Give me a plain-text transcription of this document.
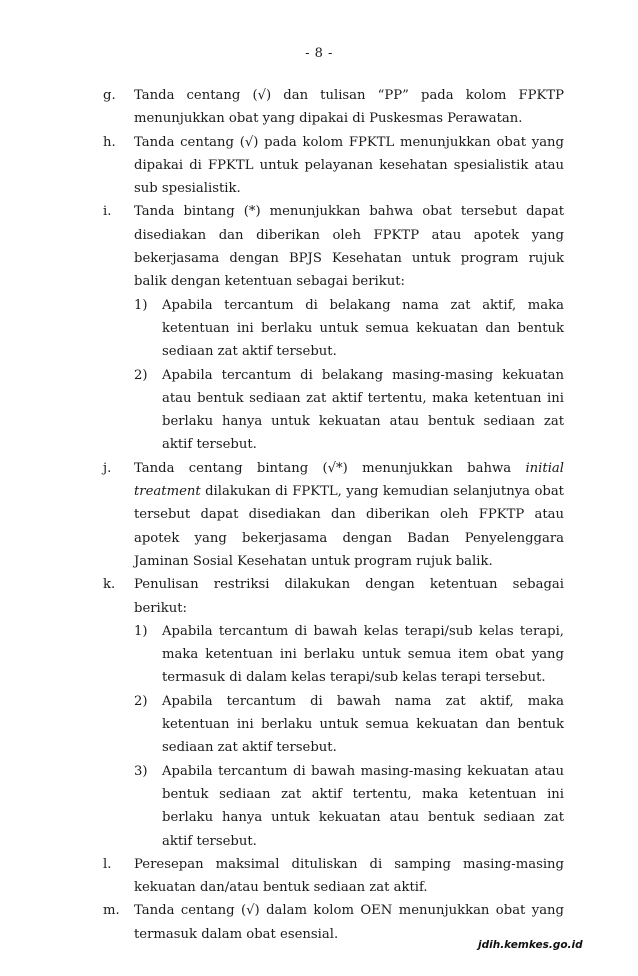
- 8 -
g. Tanda centang (√) dan tulisan “PP” pada kolom FPKTP menunjukkan obat yang dipakai di Puskesmas Perawatan.
h. Tanda centang (√) pada kolom FPKTL menunjukkan obat yang dipakai di FPKTL untuk pelayanan kesehatan spesialistik atau sub spesialistik.
i. Tanda bintang (*) menunjukkan bahwa obat tersebut dapat disediakan dan diberikan oleh FPKTP atau apotek yang bekerjasama dengan BPJS Kesehatan untuk program rujuk balik dengan ketentuan sebagai berikut:
1) Apabila tercantum di belakang nama zat aktif, maka ketentuan ini berlaku untuk semua kekuatan dan bentuk sediaan zat aktif tersebut.
2) Apabila tercantum di belakang masing-masing kekuatan atau bentuk sediaan zat aktif tertentu, maka ketentuan ini berlaku hanya untuk kekuatan atau bentuk sediaan zat aktif tersebut.
j. Tanda centang bintang (√*) menunjukkan bahwa initial treatment dilakukan di FPKTL, yang kemudian selanjutnya obat tersebut dapat disediakan dan diberikan oleh FPKTP atau apotek yang bekerjasama dengan Badan Penyelenggara Jaminan Sosial Kesehatan untuk program rujuk balik.
k. Penulisan restriksi dilakukan dengan ketentuan sebagai berikut:
1) Apabila tercantum di bawah kelas terapi/sub kelas terapi, maka ketentuan ini berlaku untuk semua item obat yang termasuk di dalam kelas terapi/sub kelas terapi tersebut.
2) Apabila tercantum di bawah nama zat aktif, maka ketentuan ini berlaku untuk semua kekuatan dan bentuk sediaan zat aktif tersebut.
3) Apabila tercantum di bawah masing-masing kekuatan atau bentuk sediaan zat aktif tertentu, maka ketentuan ini berlaku hanya untuk kekuatan atau bentuk sediaan zat aktif tersebut.
l. Peresepan maksimal dituliskan di samping masing-masing kekuatan dan/atau bentuk sediaan zat aktif.
m. Tanda centang (√) dalam kolom OEN menunjukkan obat yang termasuk dalam obat esensial.
jdih.kemkes.go.id
